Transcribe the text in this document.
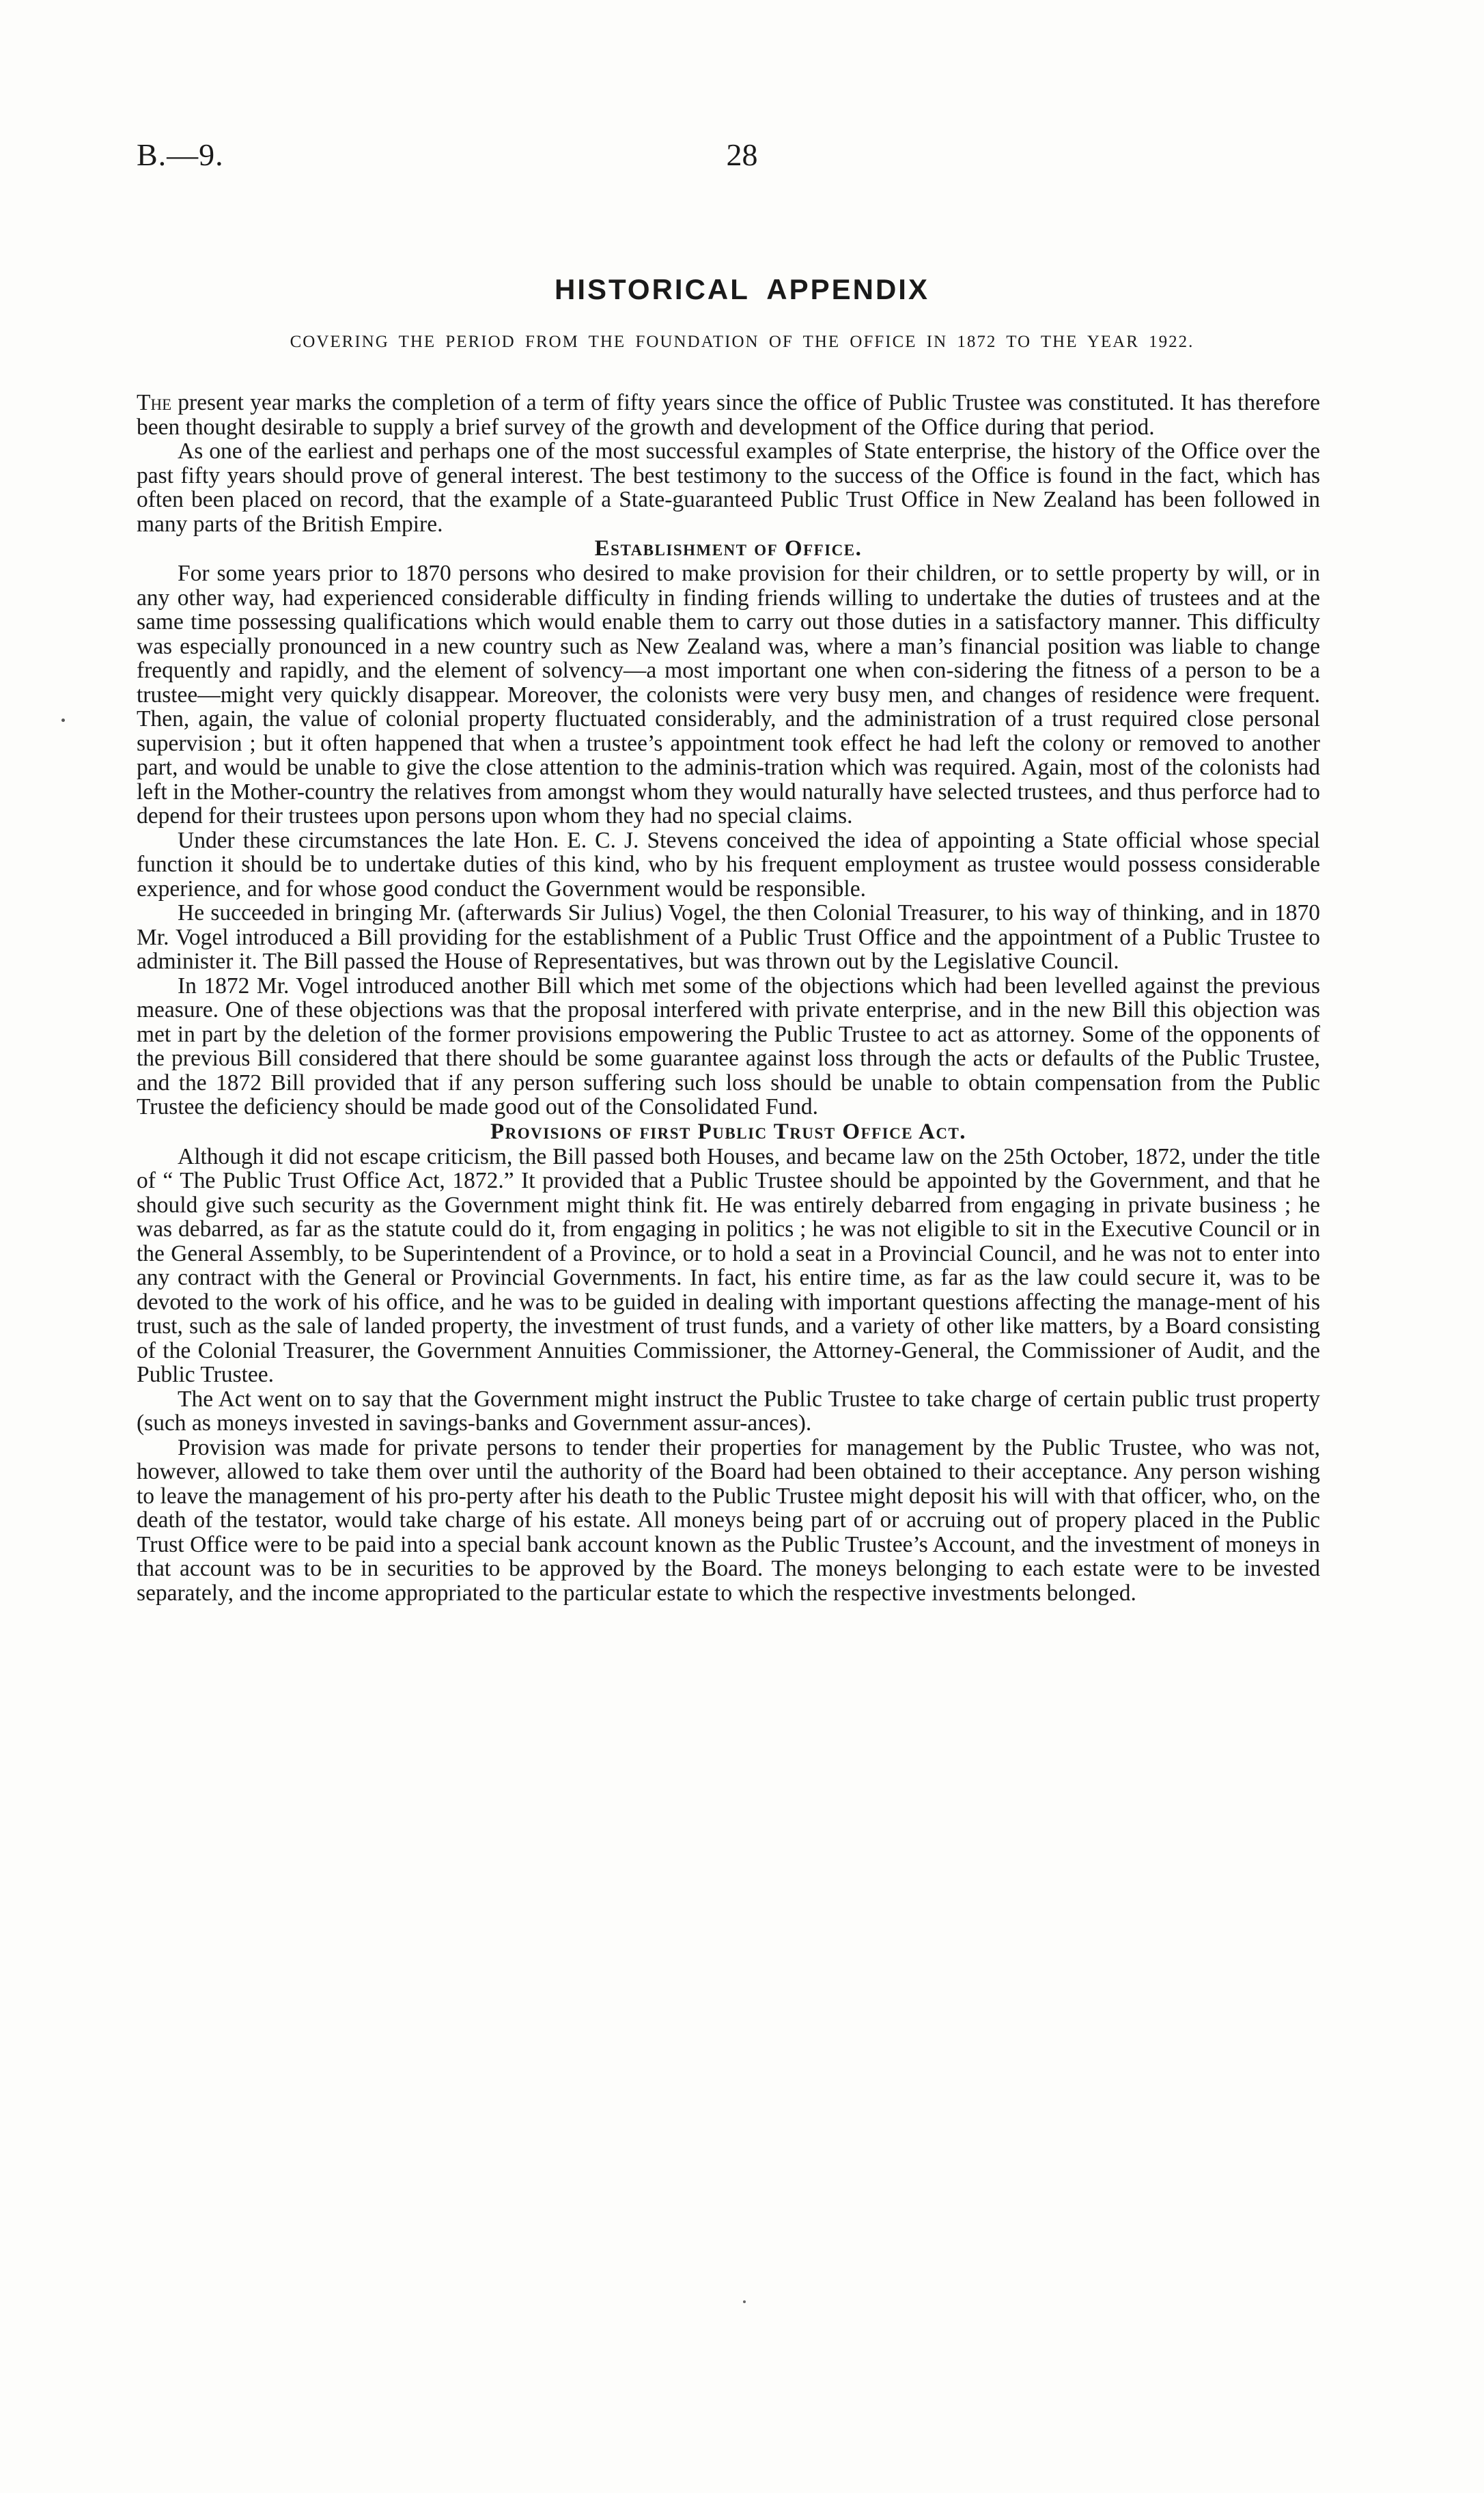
B.—9.	28
HISTORICAL APPENDIX
COVERING THE PERIOD FROM THE FOUNDATION OF THE OFFICE IN 1872 TO THE YEAR 1922.

The present year marks the completion of a term of fifty years since the office of Public Trustee was constituted. It has therefore been thought desirable to supply a brief survey of the growth and development of the Office during that period.

As one of the earliest and perhaps one of the most successful examples of State enterprise, the history of the Office over the past fifty years should prove of general interest. The best testimony to the success of the Office is found in the fact, which has often been placed on record, that the example of a State-guaranteed Public Trust Office in New Zealand has been followed in many parts of the British Empire.

Establishment of Office.

For some years prior to 1870 persons who desired to make provision for their children, or to settle property by will, or in any other way, had experienced considerable difficulty in finding friends willing to undertake the duties of trustees and at the same time possessing qualifications which would enable them to carry out those duties in a satisfactory manner. This difficulty was especially pronounced in a new country such as New Zealand was, where a man’s financial position was liable to change frequently and rapidly, and the element of solvency—a most important one when con-sidering the fitness of a person to be a trustee—might very quickly disappear. Moreover, the colonists were very busy men, and changes of residence were frequent. Then, again, the value of colonial property fluctuated considerably, and the administration of a trust required close personal supervision ; but it often happened that when a trustee’s appointment took effect he had left the colony or removed to another part, and would be unable to give the close attention to the adminis-tration which was required. Again, most of the colonists had left in the Mother-country the relatives from amongst whom they would naturally have selected trustees, and thus perforce had to depend for their trustees upon persons upon whom they had no special claims.

Under these circumstances the late Hon. E. C. J. Stevens conceived the idea of appointing a State official whose special function it should be to undertake duties of this kind, who by his frequent employment as trustee would possess considerable experience, and for whose good conduct the Government would be responsible.

He succeeded in bringing Mr. (afterwards Sir Julius) Vogel, the then Colonial Treasurer, to his way of thinking, and in 1870 Mr. Vogel introduced a Bill providing for the establishment of a Public Trust Office and the appointment of a Public Trustee to administer it. The Bill passed the House of Representatives, but was thrown out by the Legislative Council.

In 1872 Mr. Vogel introduced another Bill which met some of the objections which had been levelled against the previous measure. One of these objections was that the proposal interfered with private enterprise, and in the new Bill this objection was met in part by the deletion of the former provisions empowering the Public Trustee to act as attorney. Some of the opponents of the previous Bill considered that there should be some guarantee against loss through the acts or defaults of the Public Trustee, and the 1872 Bill provided that if any person suffering such loss should be unable to obtain compensation from the Public Trustee the deficiency should be made good out of the Consolidated Fund.

Provisions of first Public Trust Office Act.

Although it did not escape criticism, the Bill passed both Houses, and became law on the 25th October, 1872, under the title of “ The Public Trust Office Act, 1872.” It provided that a Public Trustee should be appointed by the Government, and that he should give such security as the Government might think fit. He was entirely debarred from engaging in private business ; he was debarred, as far as the statute could do it, from engaging in politics ; he was not eligible to sit in the Executive Council or in the General Assembly, to be Superintendent of a Province, or to hold a seat in a Provincial Council, and he was not to enter into any contract with the General or Provincial Governments. In fact, his entire time, as far as the law could secure it, was to be devoted to the work of his office, and he was to be guided in dealing with important questions affecting the manage-ment of his trust, such as the sale of landed property, the investment of trust funds, and a variety of other like matters, by a Board consisting of the Colonial Treasurer, the Government Annuities Commissioner, the Attorney-General, the Commissioner of Audit, and the Public Trustee.

The Act went on to say that the Government might instruct the Public Trustee to take charge of certain public trust property (such as moneys invested in savings-banks and Government assur-ances).

Provision was made for private persons to tender their properties for management by the Public Trustee, who was not, however, allowed to take them over until the authority of the Board had been obtained to their acceptance. Any person wishing to leave the management of his pro-perty after his death to the Public Trustee might deposit his will with that officer, who, on the death of the testator, would take charge of his estate. All moneys being part of or accruing out of propery placed in the Public Trust Office were to be paid into a special bank account known as the Public Trustee’s Account, and the investment of moneys in that account was to be in securities to be approved by the Board. The moneys belonging to each estate were to be invested separately, and the income appropriated to the particular estate to which the respective investments belonged.
